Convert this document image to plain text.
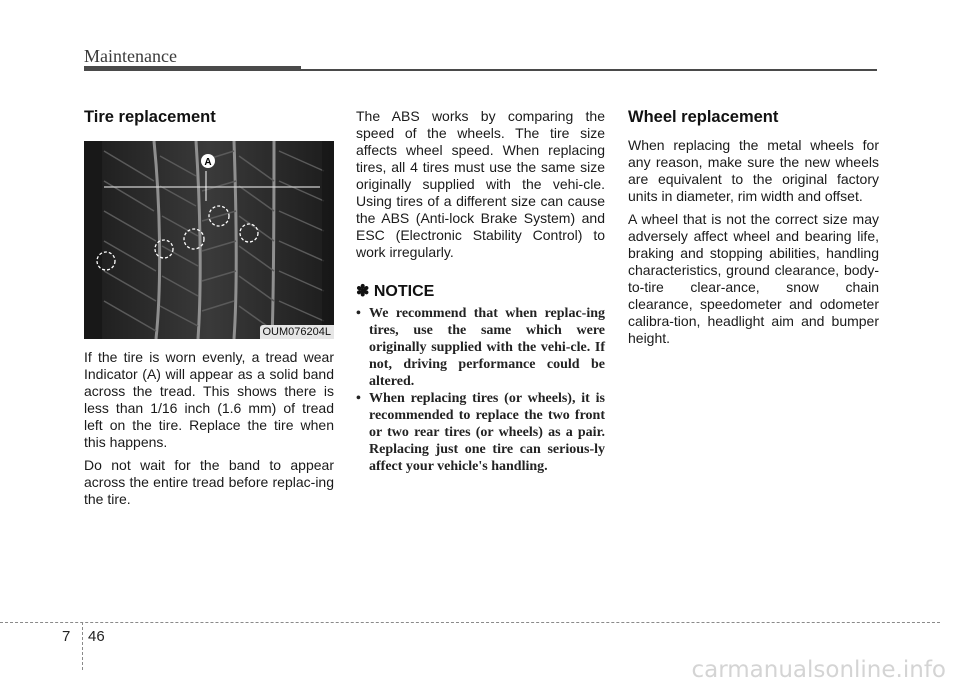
Maintenance
Tire replacement
A
OUM076204L

If the tire is worn evenly, a tread wear Indicator (A) will appear as a solid band across the tread. This shows there is less than 1/16 inch (1.6 mm) of tread left on the tire. Replace the tire when this happens.

Do not wait for the band to appear across the entire tread before replac-ing the tire.

The ABS works by comparing the speed of the wheels. The tire size affects wheel speed. When replacing tires, all 4 tires must use the same size originally supplied with the vehi-cle. Using tires of a different size can cause the ABS (Anti-lock Brake System) and ESC (Electronic Stability Control) to work irregularly.

✽ NOTICE
• We recommend that when replac-ing tires, use the same which were originally supplied with the vehi-cle. If not, driving performance could be altered.
• When replacing tires (or wheels), it is recommended to replace the two front or two rear tires (or wheels) as a pair. Replacing just one tire can serious-ly affect your vehicle's handling.
Wheel replacement

When replacing the metal wheels for any reason, make sure the new wheels are equivalent to the original factory units in diameter, rim width and offset.

A wheel that is not the correct size may adversely affect wheel and bearing life, braking and stopping abilities, handling characteristics, ground clearance, body-to-tire clear-ance, snow chain clearance, speedometer and odometer calibra-tion, headlight aim and bumper height.

7 46
carmanualsonline.info
